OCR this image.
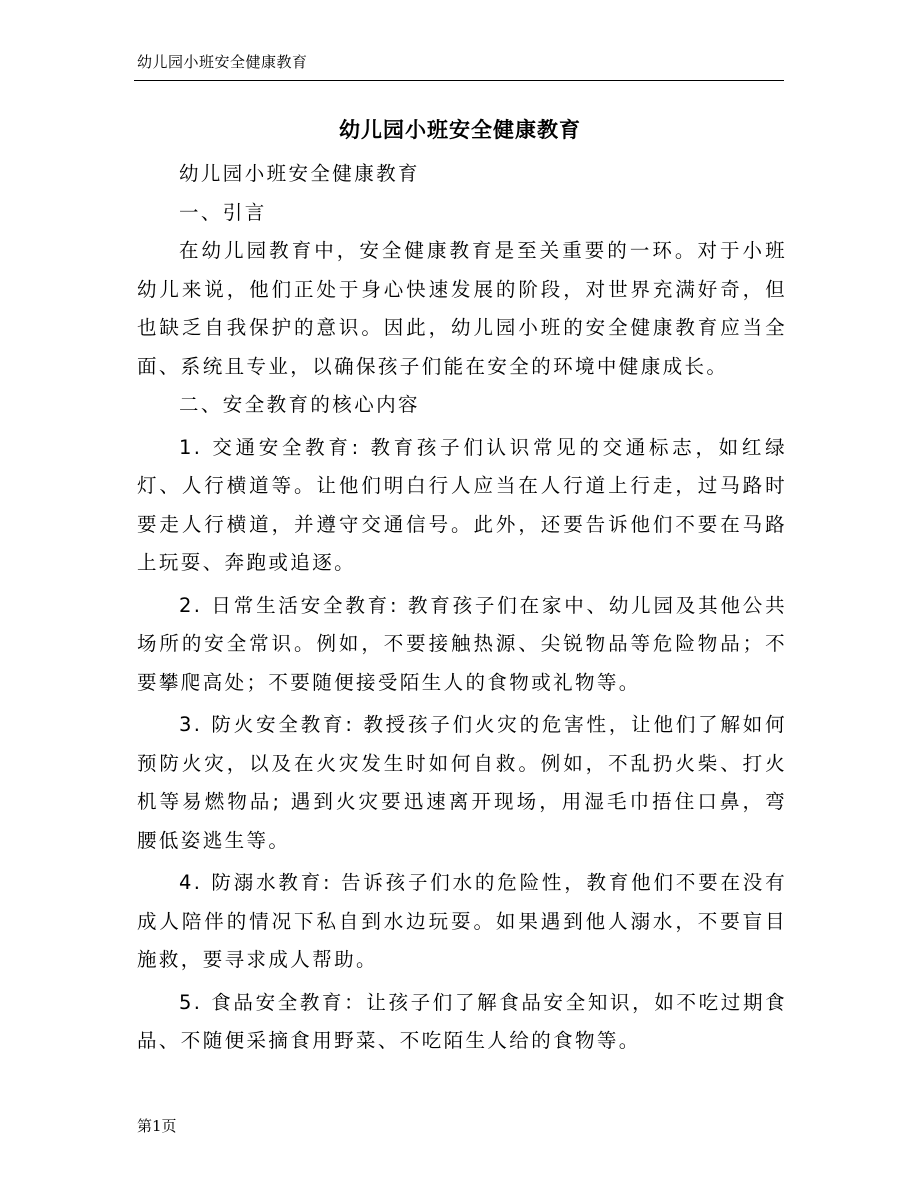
幼儿园小班安全健康教育
幼儿园小班安全健康教育

幼儿园小班安全健康教育

一、引言

在幼儿园教育中，安全健康教育是至关重要的一环。对于小班幼儿来说，他们正处于身心快速发展的阶段，对世界充满好奇，但也缺乏自我保护的意识。因此，幼儿园小班的安全健康教育应当全面、系统且专业，以确保孩子们能在安全的环境中健康成长。

二、安全教育的核心内容

1. 交通安全教育: 教育孩子们认识常见的交通标志，如红绿灯、人行横道等。让他们明白行人应当在人行道上行走，过马路时要走人行横道，并遵守交通信号。此外，还要告诉他们不要在马路上玩耍、奔跑或追逐。

2. 日常生活安全教育: 教育孩子们在家中、幼儿园及其他公共场所的安全常识。例如，不要接触热源、尖锐物品等危险物品；不要攀爬高处；不要随便接受陌生人的食物或礼物等。

3. 防火安全教育: 教授孩子们火灾的危害性，让他们了解如何预防火灾，以及在火灾发生时如何自救。例如，不乱扔火柴、打火机等易燃物品; 遇到火灾要迅速离开现场，用湿毛巾捂住口鼻，弯腰低姿逃生等。

4. 防溺水教育: 告诉孩子们水的危险性，教育他们不要在没有成人陪伴的情况下私自到水边玩耍。如果遇到他人溺水，不要盲目施救，要寻求成人帮助。

5. 食品安全教育：让孩子们了解食品安全知识，如不吃过期食品、不随便采摘食用野菜、不吃陌生人给的食物等。

第1页
